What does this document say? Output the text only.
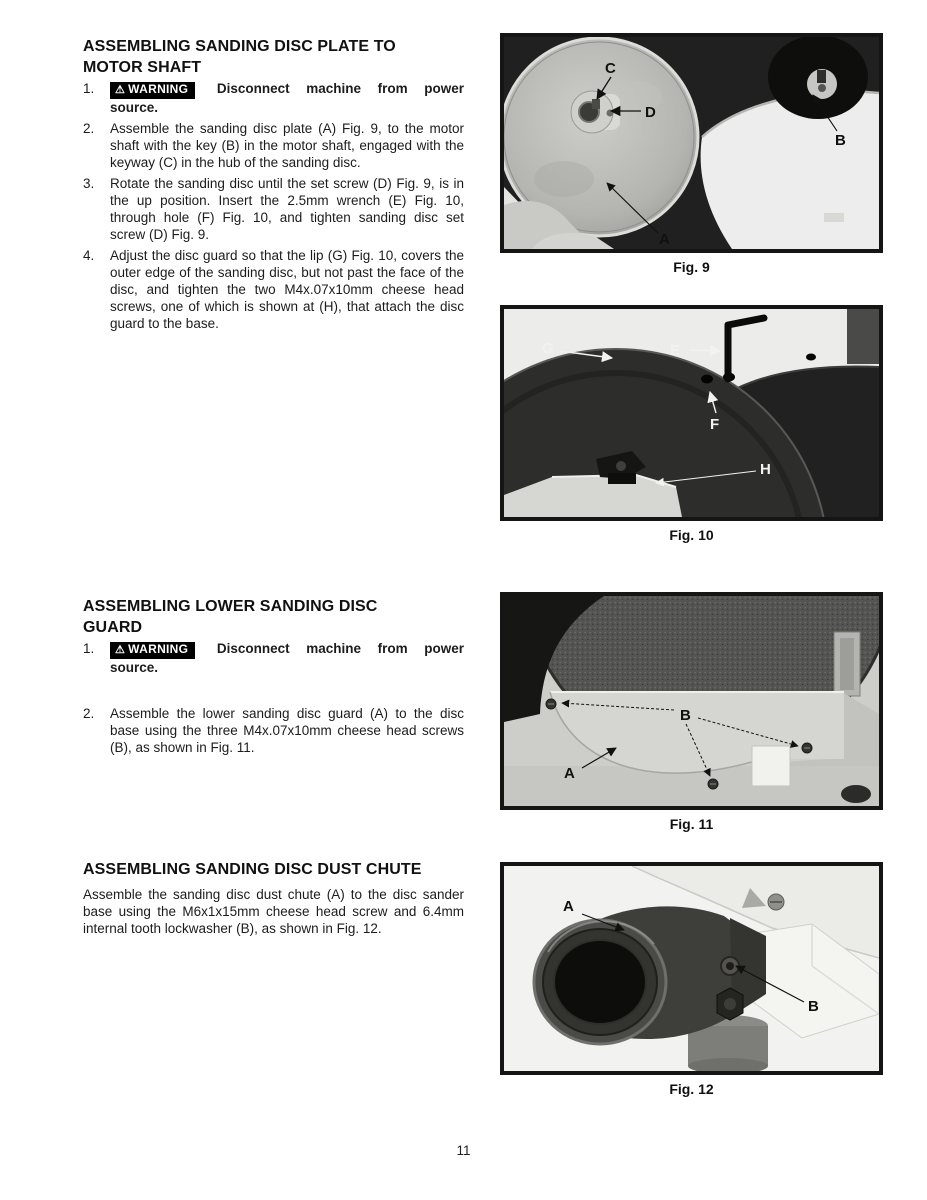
ASSEMBLING SANDING DISC PLATE TO MOTOR SHAFT
1.	⚠ WARNING Disconnect machine from power source.
2.	Assemble the sanding disc plate (A) Fig. 9, to the motor shaft with the key (B) in the motor shaft, engaged with the keyway (C) in the hub of the sanding disc.
3.	Rotate the sanding disc until the set screw (D) Fig. 9, is in the up position. Insert the 2.5mm wrench (E) Fig. 10, through hole (F) Fig. 10, and tighten sanding disc set screw (D) Fig. 9.
4.	Adjust the disc guard so that the lip (G) Fig. 10, covers the outer edge of the sanding disc, but not past the face of the disc, and tighten the two M4x.07x10mm cheese head screws, one of which is shown at (H), that attach the disc guard to the base.
ASSEMBLING LOWER SANDING DISC GUARD
1.	⚠ WARNING Disconnect machine from power source.
2.	Assemble the lower sanding disc guard (A) to the disc base using the three M4x.07x10mm cheese head screws (B), as shown in Fig. 11.
ASSEMBLING SANDING DISC DUST CHUTE
Assemble the sanding disc dust chute (A) to the disc sander base using the M6x1x15mm cheese head screw and 6.4mm internal tooth lockwasher (B), as shown in Fig. 12.
C
D
A
B
Fig. 9
G	E
F
H
Fig. 10
B
A
Fig. 11
A
B
Fig. 12
11
